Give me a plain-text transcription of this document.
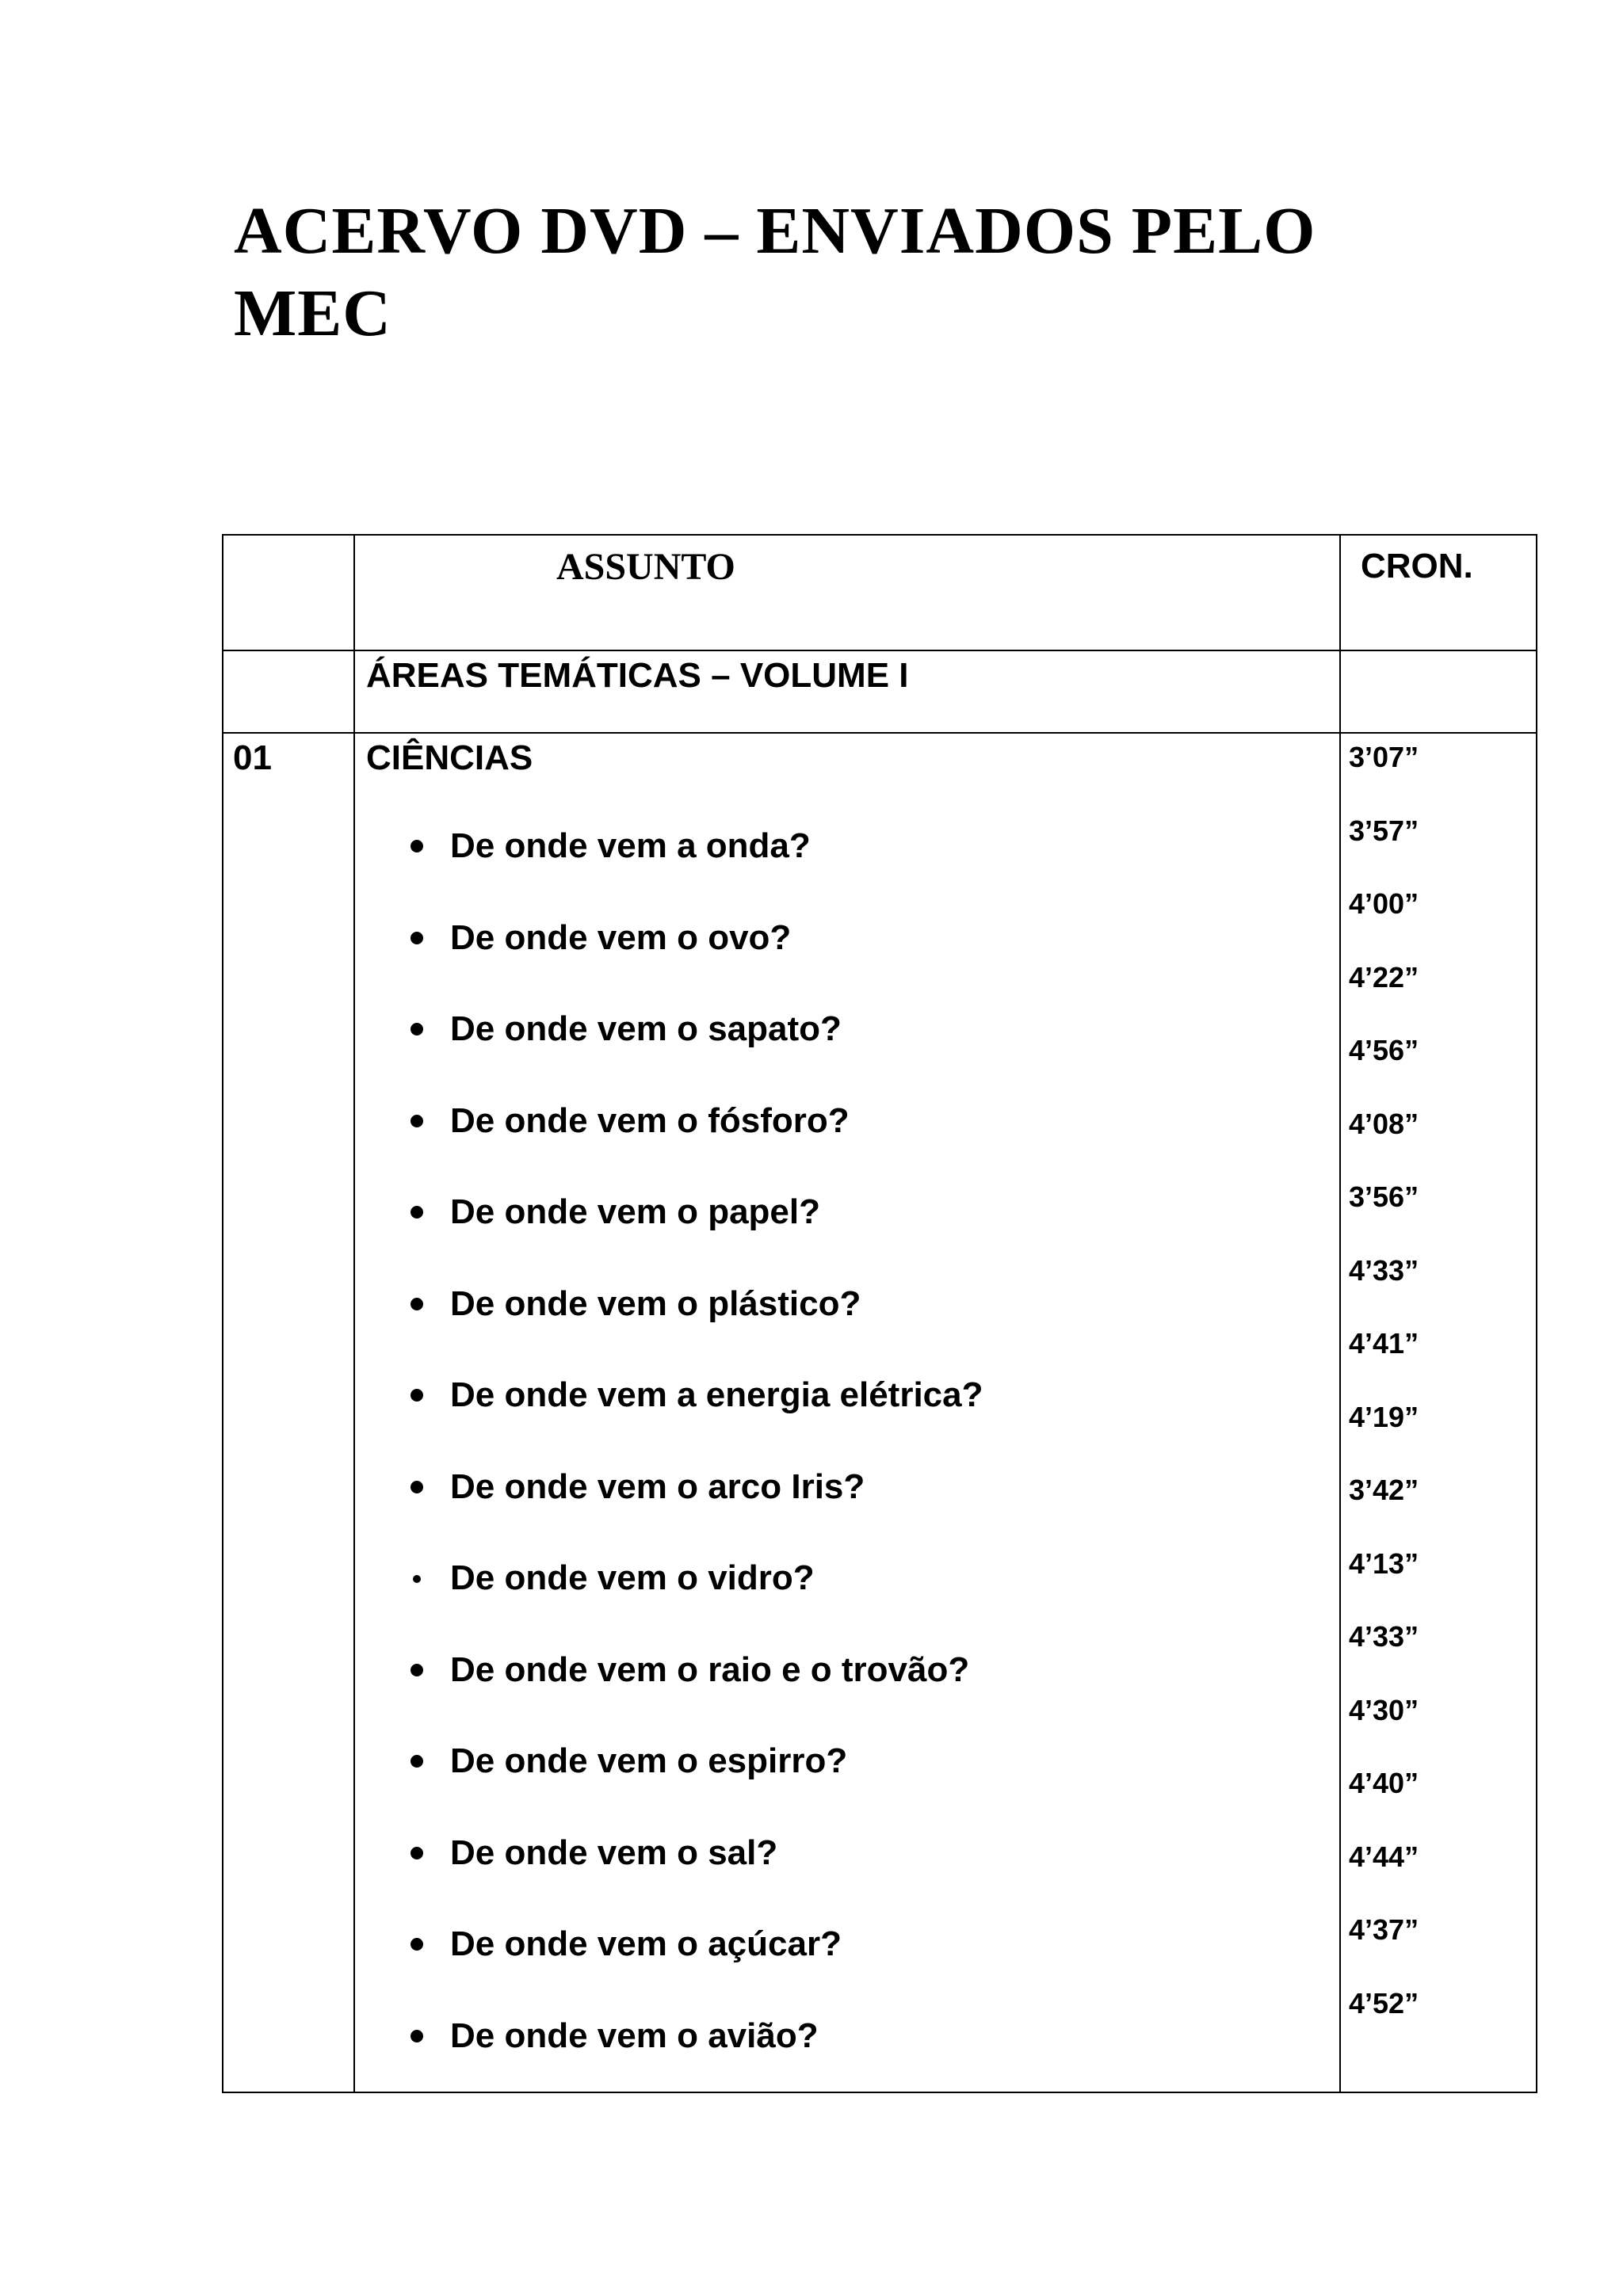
ACERVO DVD – ENVIADOS PELO MEC
ASSUNTO	CRON.
ÁREAS TEMÁTICAS – VOLUME I
01	CIÊNCIAS
De onde vem a onda?
De onde vem o ovo?
De onde vem o sapato?
De onde vem o fósforo?
De onde vem o papel?
De onde vem o plástico?
De onde vem a energia elétrica?
De onde vem o arco Iris?
De onde vem o vidro?
De onde vem o raio e o trovão?
De onde vem o espirro?
De onde vem o sal?
De onde vem o açúcar?
De onde vem o avião?
3’07”
3’57”
4’00”
4’22”
4’56”
4’08”
3’56”
4’33”
4’41”
4’19”
3’42”
4’13”
4’33”
4’30”
4’40”
4’44”
4’37”
4’52”
